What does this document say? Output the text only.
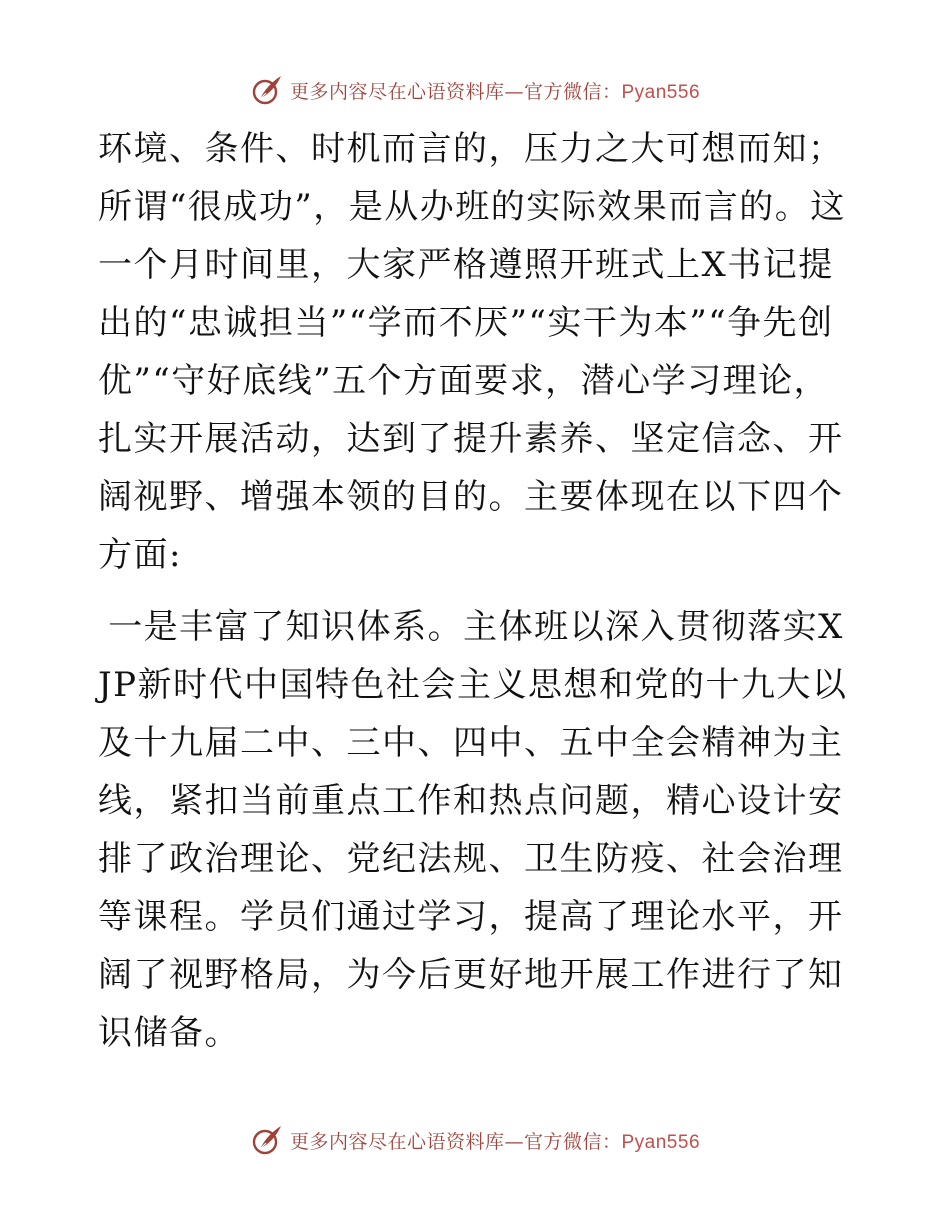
更多内容尽在心语资料库—官方微信：Pyan556

环境、条件、时机而言的，压力之大可想而知；所谓“很成功”，是从办班的实际效果而言的。这一个月时间里，大家严格遵照开班式上X书记提出的“忠诚担当”“学而不厌”“实干为本”“争先创优”“守好底线”五个方面要求，潜心学习理论，扎实开展活动，达到了提升素养、坚定信念、开阔视野、增强本领的目的。主要体现在以下四个方面:

一是丰富了知识体系。主体班以深入贯彻落实XJP新时代中国特色社会主义思想和党的十九大以及十九届二中、三中、四中、五中全会精神为主线，紧扣当前重点工作和热点问题，精心设计安排了政治理论、党纪法规、卫生防疫、社会治理等课程。学员们通过学习，提高了理论水平，开阔了视野格局，为今后更好地开展工作进行了知识储备。

更多内容尽在心语资料库—官方微信：Pyan556
